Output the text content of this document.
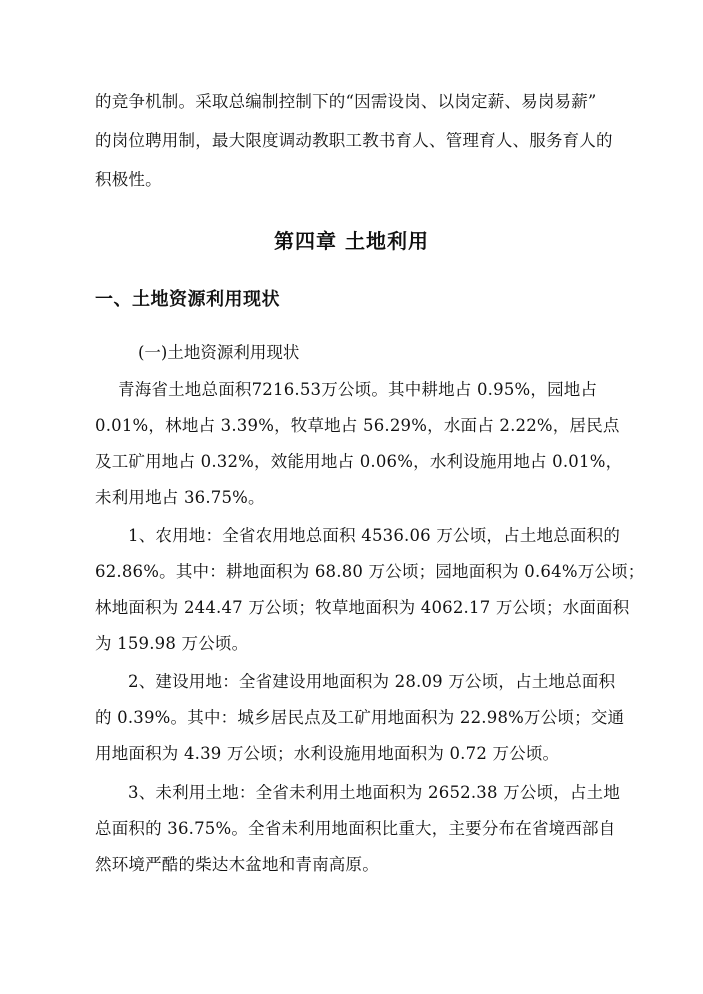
的竞争机制。采取总编制控制下的“因需设岗、以岗定薪、易岗易薪”
的岗位聘用制，最大限度调动教职工教书育人、管理育人、服务育人的
积极性。
第四章 土地利用
一、土地资源利用现状
(一)土地资源利用现状
青海省土地总面积7216.53万公顷。其中耕地占 0.95%，园地占
0.01%，林地占 3.39%，牧草地占 56.29%，水面占 2.22%，居民点
及工矿用地占 0.32%，效能用地占 0.06%，水利设施用地占 0.01%，
未利用地占 36.75%。
1、农用地：全省农用地总面积 4536.06 万公顷，占土地总面积的
62.86%。其中：耕地面积为 68.80 万公顷；园地面积为 0.64%万公顷；
林地面积为 244.47 万公顷；牧草地面积为 4062.17 万公顷；水面面积
为 159.98 万公顷。
2、建设用地：全省建设用地面积为 28.09 万公顷，占土地总面积
的 0.39%。其中：城乡居民点及工矿用地面积为 22.98%万公顷；交通
用地面积为 4.39 万公顷；水利设施用地面积为 0.72 万公顷。
3、未利用土地：全省未利用土地面积为 2652.38 万公顷，占土地
总面积的 36.75%。全省未利用地面积比重大，主要分布在省境西部自
然环境严酷的柴达木盆地和青南高原。
